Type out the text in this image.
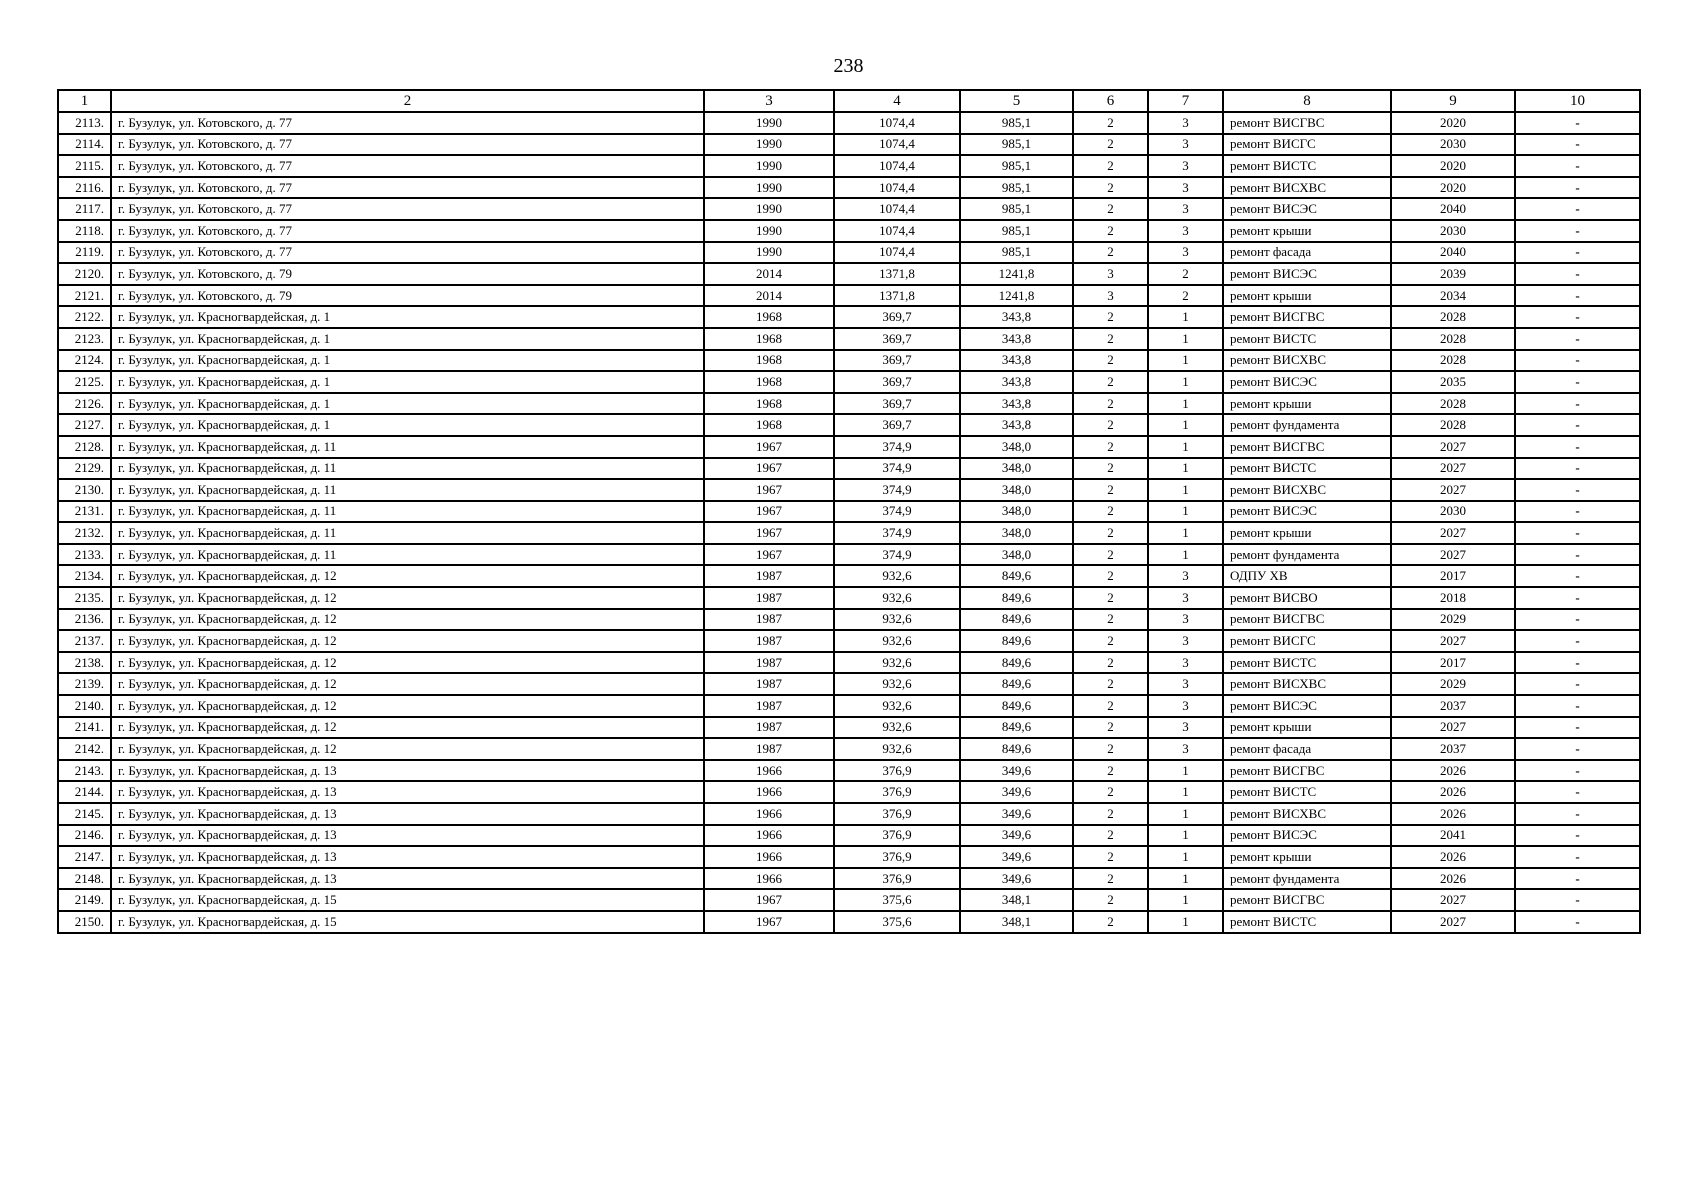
238
1	2	3	4	5	6	7	8	9	10
2113.	г. Бузулук, ул. Котовского, д. 77	1990	1074,4	985,1	2	3	ремонт ВИСГВС	2020	-
2114.	г. Бузулук, ул. Котовского, д. 77	1990	1074,4	985,1	2	3	ремонт ВИСГС	2030	-
2115.	г. Бузулук, ул. Котовского, д. 77	1990	1074,4	985,1	2	3	ремонт ВИСТС	2020	-
2116.	г. Бузулук, ул. Котовского, д. 77	1990	1074,4	985,1	2	3	ремонт ВИСХВС	2020	-
2117.	г. Бузулук, ул. Котовского, д. 77	1990	1074,4	985,1	2	3	ремонт ВИСЭС	2040	-
2118.	г. Бузулук, ул. Котовского, д. 77	1990	1074,4	985,1	2	3	ремонт крыши	2030	-
2119.	г. Бузулук, ул. Котовского, д. 77	1990	1074,4	985,1	2	3	ремонт фасада	2040	-
2120.	г. Бузулук, ул. Котовского, д. 79	2014	1371,8	1241,8	3	2	ремонт ВИСЭС	2039	-
2121.	г. Бузулук, ул. Котовского, д. 79	2014	1371,8	1241,8	3	2	ремонт крыши	2034	-
2122.	г. Бузулук, ул. Красногвардейская, д. 1	1968	369,7	343,8	2	1	ремонт ВИСГВС	2028	-
2123.	г. Бузулук, ул. Красногвардейская, д. 1	1968	369,7	343,8	2	1	ремонт ВИСТС	2028	-
2124.	г. Бузулук, ул. Красногвардейская, д. 1	1968	369,7	343,8	2	1	ремонт ВИСХВС	2028	-
2125.	г. Бузулук, ул. Красногвардейская, д. 1	1968	369,7	343,8	2	1	ремонт ВИСЭС	2035	-
2126.	г. Бузулук, ул. Красногвардейская, д. 1	1968	369,7	343,8	2	1	ремонт крыши	2028	-
2127.	г. Бузулук, ул. Красногвардейская, д. 1	1968	369,7	343,8	2	1	ремонт фундамента	2028	-
2128.	г. Бузулук, ул. Красногвардейская, д. 11	1967	374,9	348,0	2	1	ремонт ВИСГВС	2027	-
2129.	г. Бузулук, ул. Красногвардейская, д. 11	1967	374,9	348,0	2	1	ремонт ВИСТС	2027	-
2130.	г. Бузулук, ул. Красногвардейская, д. 11	1967	374,9	348,0	2	1	ремонт ВИСХВС	2027	-
2131.	г. Бузулук, ул. Красногвардейская, д. 11	1967	374,9	348,0	2	1	ремонт ВИСЭС	2030	-
2132.	г. Бузулук, ул. Красногвардейская, д. 11	1967	374,9	348,0	2	1	ремонт крыши	2027	-
2133.	г. Бузулук, ул. Красногвардейская, д. 11	1967	374,9	348,0	2	1	ремонт фундамента	2027	-
2134.	г. Бузулук, ул. Красногвардейская, д. 12	1987	932,6	849,6	2	3	ОДПУ ХВ	2017	-
2135.	г. Бузулук, ул. Красногвардейская, д. 12	1987	932,6	849,6	2	3	ремонт ВИСВО	2018	-
2136.	г. Бузулук, ул. Красногвардейская, д. 12	1987	932,6	849,6	2	3	ремонт ВИСГВС	2029	-
2137.	г. Бузулук, ул. Красногвардейская, д. 12	1987	932,6	849,6	2	3	ремонт ВИСГС	2027	-
2138.	г. Бузулук, ул. Красногвардейская, д. 12	1987	932,6	849,6	2	3	ремонт ВИСТС	2017	-
2139.	г. Бузулук, ул. Красногвардейская, д. 12	1987	932,6	849,6	2	3	ремонт ВИСХВС	2029	-
2140.	г. Бузулук, ул. Красногвардейская, д. 12	1987	932,6	849,6	2	3	ремонт ВИСЭС	2037	-
2141.	г. Бузулук, ул. Красногвардейская, д. 12	1987	932,6	849,6	2	3	ремонт крыши	2027	-
2142.	г. Бузулук, ул. Красногвардейская, д. 12	1987	932,6	849,6	2	3	ремонт фасада	2037	-
2143.	г. Бузулук, ул. Красногвардейская, д. 13	1966	376,9	349,6	2	1	ремонт ВИСГВС	2026	-
2144.	г. Бузулук, ул. Красногвардейская, д. 13	1966	376,9	349,6	2	1	ремонт ВИСТС	2026	-
2145.	г. Бузулук, ул. Красногвардейская, д. 13	1966	376,9	349,6	2	1	ремонт ВИСХВС	2026	-
2146.	г. Бузулук, ул. Красногвардейская, д. 13	1966	376,9	349,6	2	1	ремонт ВИСЭС	2041	-
2147.	г. Бузулук, ул. Красногвардейская, д. 13	1966	376,9	349,6	2	1	ремонт крыши	2026	-
2148.	г. Бузулук, ул. Красногвардейская, д. 13	1966	376,9	349,6	2	1	ремонт фундамента	2026	-
2149.	г. Бузулук, ул. Красногвардейская, д. 15	1967	375,6	348,1	2	1	ремонт ВИСГВС	2027	-
2150.	г. Бузулук, ул. Красногвардейская, д. 15	1967	375,6	348,1	2	1	ремонт ВИСТС	2027	-
